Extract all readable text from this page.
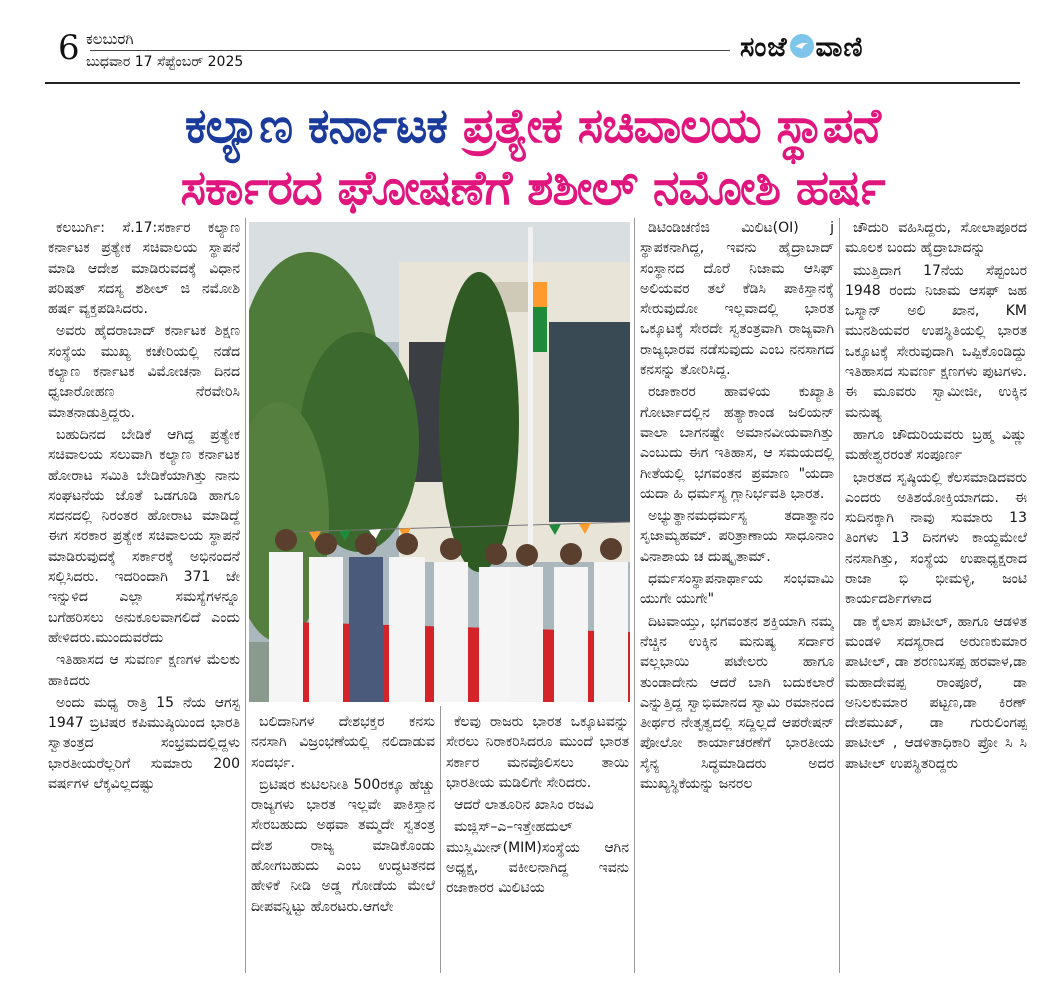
6 ಕಲಬುರಗಿ
ಬುಧವಾರ 17 ಸೆಪ್ಟೆಂಬರ್ 2025	ಸಂಜೆ ವಾಣಿ
ಕಲ್ಯಾಣ ಕರ್ನಾಟಕ ಪ್ರತ್ಯೇಕ ಸಚಿವಾಲಯ ಸ್ಥಾಪನೆ
ಸರ್ಕಾರದ ಘೋಷಣೆಗೆ ಶಶೀಲ್ ನಮೋಶಿ ಹರ್ಷ

ಕಲಬುರ್ಗಿ: ಸೆ.17:ಸರ್ಕಾರ ಕಲ್ಯಾಣ ಕರ್ನಾಟಕ ಪ್ರತ್ಯೇಕ ಸಚಿವಾಲಯ ಸ್ಥಾಪನೆ ಮಾಡಿ ಆದೇಶ ಮಾಡಿರುವದಕ್ಕೆ ವಿಧಾನ ಪರಿಷತ್ ಸದಸ್ಯ ಶಶೀಲ್ ಜಿ ನಮೋಶಿ ಹರ್ಷ ವ್ಯಕ್ತಪಡಿಸಿದರು.

ಅವರು ಹೈದರಾಬಾದ್ ಕರ್ನಾಟಕ ಶಿಕ್ಷಣ ಸಂಸ್ಥೆಯ ಮುಖ್ಯ ಕಚೇರಿಯಲ್ಲಿ ನಡೆದ ಕಲ್ಯಾಣ ಕರ್ನಾಟಕ ವಿಮೋಚನಾ ದಿನದ ಧ್ವಜಾರೋಹಣ ನೆರವೇರಿಸಿ ಮಾತನಾಡುತ್ತಿದ್ದರು.

ಬಹುದಿನದ ಬೇಡಿಕೆ ಆಗಿದ್ದ ಪ್ರತ್ಯೇಕ ಸಚಿವಾಲಯ ಸಲುವಾಗಿ ಕಲ್ಯಾಣ ಕರ್ನಾಟಕ ಹೋರಾಟ ಸಮಿತಿ ಬೇಡಿಕೆಯಾಗಿತ್ತು ನಾನು ಸಂಘಟನೆಯ ಜೊತೆ ಒಡಗೂಡಿ ಹಾಗೂ ಸದನದಲ್ಲಿ ನಿರಂತರ ಹೋರಾಟ ಮಾಡಿದ್ದೆ ಈಗ ಸರಕಾರ ಪ್ರತ್ಯೇಕ ಸಚಿವಾಲಯ ಸ್ಥಾಪನೆ ಮಾಡಿರುವುದಕ್ಕೆ ಸರ್ಕಾರಕ್ಕೆ ಅಭಿನಂದನೆ ಸಲ್ಲಿಸಿದರು. ಇದರಿಂದಾಗಿ 371 ಜೇ ಇನ್ನುಳಿದ ಎಲ್ಲಾ ಸಮಸ್ಯೆಗಳನ್ನೂ ಬಗೆಹರಿಸಲು ಅನುಕೂಲವಾಗಲಿದೆ ಎಂದು ಹೇಳಿದರು.ಮುಂದುವರೆದು

ಇತಿಹಾಸದ ಆ ಸುವರ್ಣ ಕ್ಷಣಗಳ ಮೆಲಕು ಹಾಕಿದರು

ಅಂದು ಮಧ್ಯ ರಾತ್ರಿ 15 ನೆಯ ಆಗಸ್ಟ 1947 ಬ್ರಿಟಿಷರ ಕಪಿಮುಷ್ಠಿಯಿಂದ ಭಾರತಿ ಸ್ವಾತಂತ್ರದ ಸಂಭ್ರಮದಲ್ಲಿದ್ದಳು ಭಾರತೀಯರೆಲ್ಲರಿಗೆ ಸುಮಾರು 200 ವರ್ಷಗಳ ಲೆಕ್ಕವಿಲ್ಲದಷ್ಟು

ಬಲಿದಾನಿಗಳ ದೇಶಭಕ್ತರ ಕನಸು ನನಸಾಗಿ ವಿಜ್ರಂಭಣೆಯಲ್ಲಿ ನಲಿದಾಡುವ ಸಂದರ್ಭ.

ಬ್ರಿಟಿಷರ ಕುಟಿಲನೀತಿ 500ರಕ್ಕೂ ಹೆಚ್ಚು ರಾಜ್ಯಗಳು ಭಾರತ ಇಲ್ಲವೇ ಪಾಕಿಸ್ತಾನ ಸೇರಬಹುದು ಅಥವಾ ತಮ್ಮದೇ ಸ್ವತಂತ್ರ ದೇಶ ರಾಜ್ಯ ಮಾಡಿಕೊಂಡು ಹೋಗಬಹುದು ಎಂಬ ಉದ್ಧಟತನದ ಹೇಳಿಕೆ ನೀಡಿ ಅಡ್ಡ ಗೋಡೆಯ ಮೇಲೆ ದೀಪವನ್ನಿಟ್ಟು ಹೊರಟರು.ಆಗಲೇ

ಕೆಲವು ರಾಜರು ಭಾರತ ಒಕ್ಕೂಟವನ್ನು ಸೇರಲು ನಿರಾಕರಿಸಿದರೂ ಮುಂದೆ ಭಾರತ ಸರ್ಕಾರ ಮನವೊಲಿಸಲು ತಾಯಿ ಭಾರತೀಯ ಮಡಿಲಿಗೇ ಸೇರಿದರು.

ಆದರೆ ಲಾತೂರಿನ ಖಾಸಿಂ ರಜವಿ

ಮಜ್ಲಿಸ್–ಎ–ಇತ್ತೇಹದುಲ್ ಮುಸ್ಲಿಮೀನ್(MIM)ಸಂಸ್ಥೆಯ ಆಗಿನ ಅಧ್ಯಕ್ಷ, ವಕೀಲನಾಗಿದ್ದ ಇವನು ರಜಾಕಾರರ ಮಿಲಿಟಿಯ

ಡಿಟಿಂಡಿಚಣಿಜಿ ಮಿಲಿಟ(OI) j ಸ್ಥಾಪಕನಾಗಿದ್ದ, ಇವನು ಹೈದ್ರಾಬಾದ್ ಸಂಸ್ಥಾನದ ದೊರೆ ನಿಜಾಮ ಆಸಿಫ್ ಅಲಿಯವರ ತಲೆ ಕೆಡಿಸಿ ಪಾಕಿಸ್ತಾನಕ್ಕೆ ಸೇರುವುದೋ ಇಲ್ಲವಾದಲ್ಲಿ ಭಾರತ ಒಕ್ಕೂಟಕ್ಕೆ ಸೇರದೇ ಸ್ವತಂತ್ರವಾಗಿ ರಾಜ್ಯವಾಗಿ ರಾಜ್ಯಭಾರವ ನಡೆಸುವುದು ಎಂಬ ನನಸಾಗದ ಕನಸನ್ನು ತೋರಿಸಿದ್ದ.

ರಜಾಕಾರರ ಹಾವಳಿಯ ಕುಖ್ಯಾತಿ ಗೋರ್ಟಾದಲ್ಲಿನ ಹತ್ಯಾಕಾಂಡ ಜಲಿಯನ್ ವಾಲಾ ಬಾಗನಷ್ಟೇ ಅಮಾನವೀಯವಾಗಿತ್ತು ಎಂಬುದು ಈಗ ಇತಿಹಾಸ, ಆ ಸಮಯದಲ್ಲಿ ಗೀತೆಯಲ್ಲಿ ಭಗವಂತನ ಪ್ರಮಾಣ "ಯದಾ ಯದಾ ಹಿ ಧರ್ಮಸ್ಯ ಗ್ಲಾನಿರ್ಭವತಿ ಭಾರತ.

ಅಭ್ಯುತ್ಥಾನಮಧರ್ಮಸ್ಯ ತದಾತ್ಮಾನಂ ಸೃಜಾಮ್ಯಹಮ್. ಪರಿತ್ರಾಣಾಯ ಸಾಧೂನಾಂ ವಿನಾಶಾಯ ಚ ದುಷ್ಕೃತಾಮ್.

ಧರ್ಮಸಂಸ್ಥಾಪನಾರ್ಥಾಯ ಸಂಭವಾಮಿ ಯುಗೇ ಯುಗೇ"

ದಿಟವಾಯ್ತು, ಭಗವಂತನ ಶಕ್ತಿಯಾಗಿ ನಮ್ಮ ನೆಚ್ಚಿನ ಉಕ್ಕಿನ ಮನುಷ್ಯ ಸರ್ದಾರ ವಲ್ಲಭಾಯಿ ಪಟೇಲರು ಹಾಗೂ ತುಂಡಾದೇನು ಆದರೆ ಬಾಗಿ ಬದುಕಲಾರೆ ಎನ್ನುತ್ತಿದ್ದ ಸ್ವಾಭಿಮಾನದ ಸ್ವಾಮಿ ರಮಾನಂದ ತೀರ್ಥರ ನೇತೃತ್ವದಲ್ಲಿ ಸದ್ದಿಲ್ಲದೆ ಆಪರೇಷನ್ ಪೋಲೋ ಕಾರ್ಯಾಚರಣೆಗೆ ಭಾರತೀಯ ಸೈನ್ಯ ಸಿದ್ಧಮಾಡಿದರು ಅದರ ಮುಖ್ಯಸ್ಥಿಕೆಯನ್ನು ಜನರಲ

ಚೌದುರಿ ವಹಿಸಿದ್ದರು, ಸೋಲಾಪೂರದ ಮೂಲಕ ಬಂದು ಹೈದ್ರಾಬಾದನ್ನು

ಮುತ್ತಿದಾಗ 17ನೆಯ ಸೆಪ್ಟಂಬರ 1948 ರಂದು ನಿಜಾಮ ಆಸಫ್ ಜಹ ಒಸ್ಮಾನ್ ಅಲಿ ಖಾನ, KM ಮುನಶಿಯವರ ಉಪಸ್ಥಿತಿಯಲ್ಲಿ ಭಾರತ ಒಕ್ಕೂಟಕ್ಕೆ ಸೇರುವುದಾಗಿ ಒಪ್ಪಿಕೊಂಡಿದ್ದು ಇತಿಹಾಸದ ಸುವರ್ಣ ಕ್ಷಣಗಳು ಪುಟಗಳು. ಈ ಮೂವರು ಸ್ವಾಮೀಜೀ, ಉಕ್ಕಿನ ಮನುಷ್ಯ

ಹಾಗೂ ಚೌದುರಿಯವರು ಬ್ರಹ್ಮ ವಿಷ್ಣು ಮಹೇಶ್ವರರಂತೆ ಸಂಪೂರ್ಣ

ಭಾರತದ ಸೃಷ್ಠಿಯಲ್ಲಿ ಕೆಲಸಮಾಡಿದವರು ಎಂದರು ಅತಿಶಯೋಕ್ತಿಯಾಗದು. ಈ ಸುದಿನಕ್ಕಾಗಿ ನಾವು ಸುಮಾರು 13 ತಿಂಗಳು 13 ದಿನಗಳು ಕಾಯ್ದಮೇಲೆ ನನಸಾಗಿತ್ತು, ಸಂಸ್ಥೆಯ ಉಪಾಧ್ಯಕ್ಷರಾದ ರಾಜಾ ಭಿ ಭೀಮಳ್ಳಿ, ಜಂಟಿ ಕಾರ್ಯದರ್ಶಿಗಳಾದ

ಡಾ ಕೈಲಾಸ ಪಾಟೀಲ್, ಹಾಗೂ ಆಡಳಿತ ಮಂಡಳಿ ಸದಸ್ಯರಾದ ಅರುಣಕುಮಾರ ಪಾಟೀಲ್, ಡಾ ಶರಣಬಸಪ್ಪ ಹರವಾಳ,ಡಾ ಮಹಾದೇವಪ್ಪ ರಾಂಪೂರೆ, ಡಾ ಅನಿಲಕುಮಾರ ಪಟ್ಟಣ,ಡಾ ಕಿರಣ್ ದೇಶಮುಖ್, ಡಾ ಗುರುಲಿಂಗಪ್ಪ ಪಾಟೀಲ್ , ಆಡಳಿತಾಧಿಕಾರಿ ಪ್ರೋ ಸಿ ಸಿ ಪಾಟೀಲ್ ಉಪಸ್ಥಿತರಿದ್ದರು
